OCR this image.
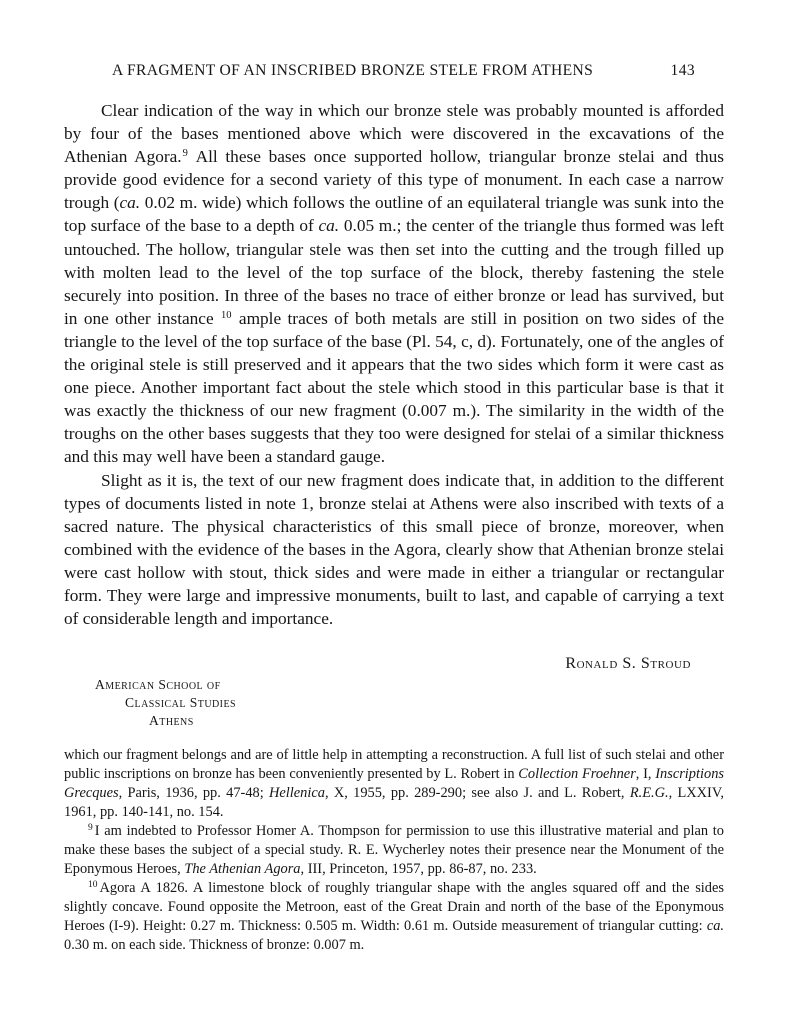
A FRAGMENT OF AN INSCRIBED BRONZE STELE FROM ATHENS	143

Clear indication of the way in which our bronze stele was probably mounted is afforded by four of the bases mentioned above which were discovered in the excavations of the Athenian Agora.$^9$ All these bases once supported hollow, triangular bronze stelai and thus provide good evidence for a second variety of this type of monument. In each case a narrow trough (ca. 0.02 m. wide) which follows the outline of an equilateral triangle was sunk into the top surface of the base to a depth of ca. 0.05 m.; the center of the triangle thus formed was left untouched. The hollow, triangular stele was then set into the cutting and the trough filled up with molten lead to the level of the top surface of the block, thereby fastening the stele securely into position. In three of the bases no trace of either bronze or lead has survived, but in one other instance $^{10}$ ample traces of both metals are still in position on two sides of the triangle to the level of the top surface of the base (Pl. 54, c, d). Fortunately, one of the angles of the original stele is still preserved and it appears that the two sides which form it were cast as one piece. Another important fact about the stele which stood in this particular base is that it was exactly the thickness of our new fragment (0.007 m.). The similarity in the width of the troughs on the other bases suggests that they too were designed for stelai of a similar thickness and this may well have been a standard gauge.

Slight as it is, the text of our new fragment does indicate that, in addition to the different types of documents listed in note 1, bronze stelai at Athens were also inscribed with texts of a sacred nature. The physical characteristics of this small piece of bronze, moreover, when combined with the evidence of the bases in the Agora, clearly show that Athenian bronze stelai were cast hollow with stout, thick sides and were made in either a triangular or rectangular form. They were large and impressive monuments, built to last, and capable of carrying a text of considerable length and importance.

Ronald S. Stroud
American School of
Classical Studies
Athens

which our fragment belongs and are of little help in attempting a reconstruction. A full list of such stelai and other public inscriptions on bronze has been conveniently presented by L. Robert in Collection Froehner, I, Inscriptions Grecques, Paris, 1936, pp. 47-48; Hellenica, X, 1955, pp. 289-290; see also J. and L. Robert, R.E.G., LXXIV, 1961, pp. 140-141, no. 154.

$^9$ I am indebted to Professor Homer A. Thompson for permission to use this illustrative material and plan to make these bases the subject of a special study. R. E. Wycherley notes their presence near the Monument of the Eponymous Heroes, The Athenian Agora, III, Princeton, 1957, pp. 86-87, no. 233.

$^{10}$ Agora A 1826. A limestone block of roughly triangular shape with the angles squared off and the sides slightly concave. Found opposite the Metroon, east of the Great Drain and north of the base of the Eponymous Heroes (I-9). Height: 0.27 m. Thickness: 0.505 m. Width: 0.61 m. Outside measurement of triangular cutting: ca. 0.30 m. on each side. Thickness of bronze: 0.007 m.
